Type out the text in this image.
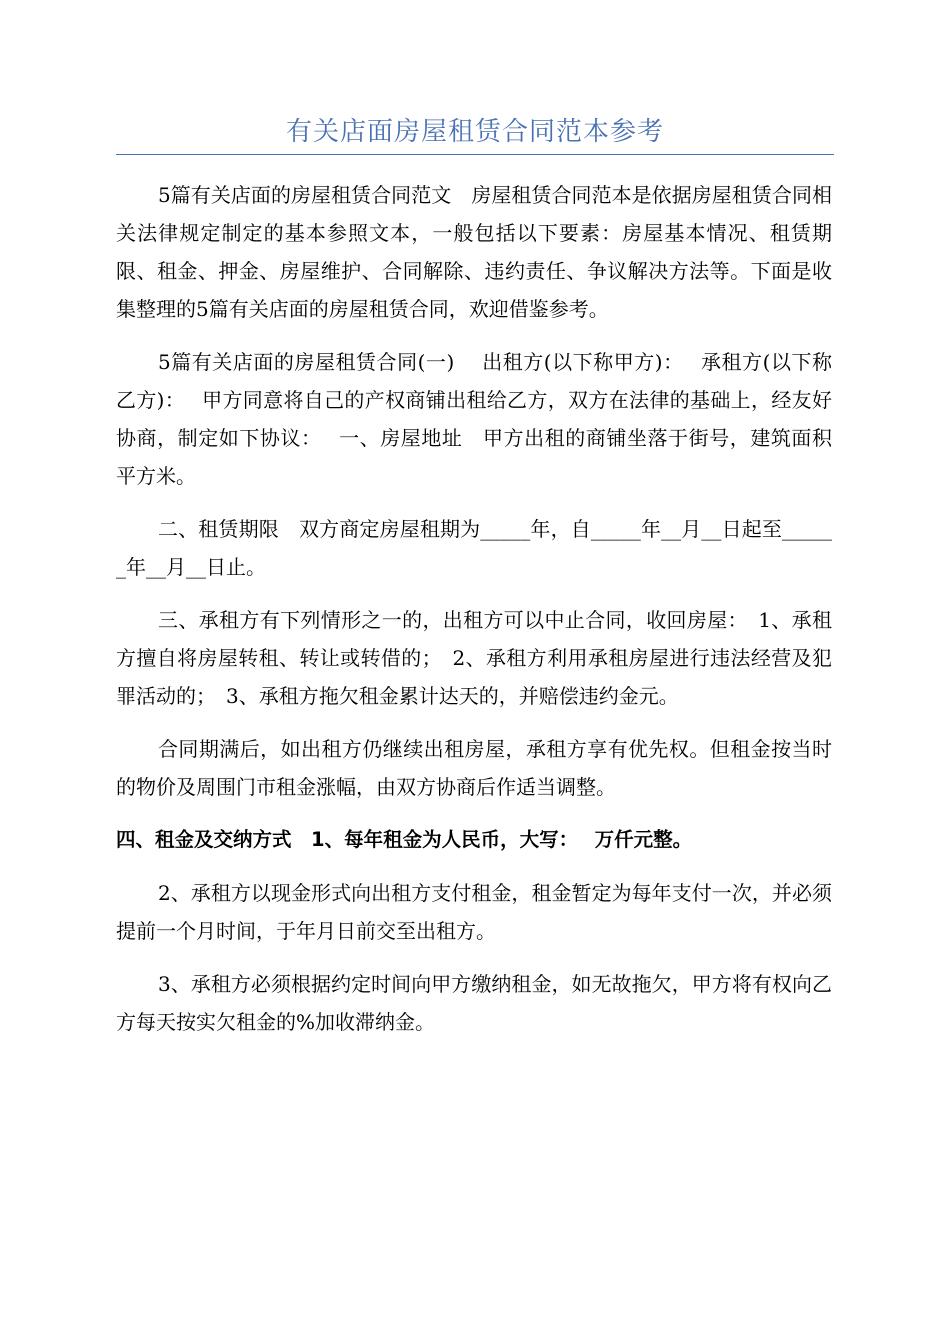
有关店面房屋租赁合同范本参考

5篇有关店面的房屋租赁合同范文　房屋租赁合同范本是依据房屋租赁合同相关法律规定制定的基本参照文本，一般包括以下要素：房屋基本情况、租赁期限、租金、押金、房屋维护、合同解除、违约责任、争议解决方法等。下面是收集整理的5篇有关店面的房屋租赁合同，欢迎借鉴参考。

5篇有关店面的房屋租赁合同(一)　 出租方(以下称甲方)：　 承租方(以下称乙方)：　 甲方同意将自己的产权商铺出租给乙方，双方在法律的基础上，经友好协商，制定如下协议：　 一、房屋地址　甲方出租的商铺坐落于街号，建筑面积平方米。

二、租赁期限　双方商定房屋租期为_____年，自_____年__月__日起至______年__月__日止。

三、承租方有下列情形之一的，出租方可以中止合同，收回房屋：　1、承租方擅自将房屋转租、转让或转借的；　2、承租方利用承租房屋进行违法经营及犯罪活动的；　3、承租方拖欠租金累计达天的，并赔偿违约金元。

合同期满后，如出租方仍继续出租房屋，承租方享有优先权。但租金按当时的物价及周围门市租金涨幅，由双方协商后作适当调整。

四、租金及交纳方式　1、每年租金为人民币，大写：　 万仟元整。

2、承租方以现金形式向出租方支付租金，租金暂定为每年支付一次，并必须提前一个月时间，于年月日前交至出租方。

3、承租方必须根据约定时间向甲方缴纳租金，如无故拖欠，甲方将有权向乙方每天按实欠租金的%加收滞纳金。
